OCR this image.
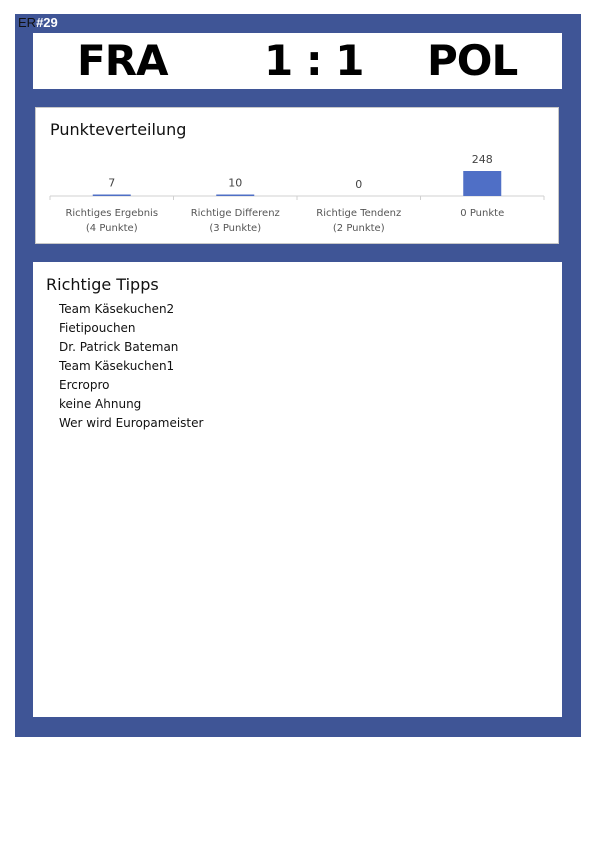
ER#29
FRA 1 : 1 POL
Punkteverteilung
7
Richtiges Ergebnis
(4 Punkte)
10
Richtige Differenz
(3 Punkte)
0
Richtige Tendenz
(2 Punkte)
248
0 Punkte
Richtige Tipps
Team Käsekuchen2
Fietipouchen
Dr. Patrick Bateman
Team Käsekuchen1
Ercropro
keine Ahnung
Wer wird Europameister
